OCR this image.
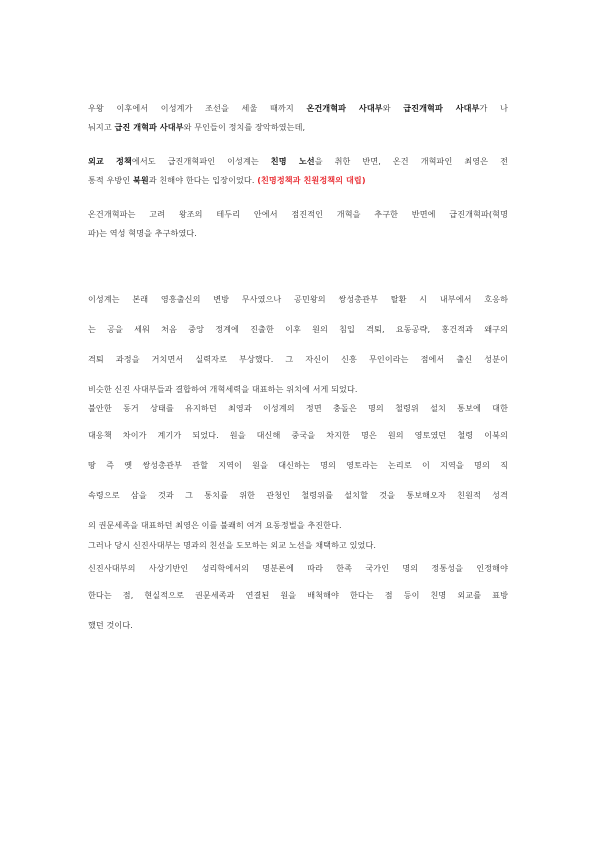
우왕 이후에서 이성계가 조선을 세울 때까지 온건개혁파 사대부와 급진개혁파 사대부가 나

눠지고 급진 개혁파 사대부와 무인들이 정치를 장악하였는데,

외교 정책에서도 급진개혁파인 이성계는 친명 노선을 취한 반면, 온건 개혁파인 최영은 전

통적 우방인 북원과 친해야 한다는 입장이었다. (친명정책과 친원정책의 대립)

온건개혁파는 고려 왕조의 테두리 안에서 점진적인 개혁을 추구한 반면에 급진개혁파(혁명

파)는 역성 혁명을 추구하였다.

이성계는 본래 영흥출신의 변방 무사였으나 공민왕의 쌍성총관부 탈환 시 내부에서 호응하

는 공을 세워 처음 중앙 정계에 진출한 이후 원의 침입 격퇴, 요동공략, 홍건적과 왜구의

격퇴 과정을 거치면서 실력자로 부상했다. 그 자신이 신흥 무인이라는 점에서 출신 성분이

비슷한 신진 사대부들과 결합하여 개혁세력을 대표하는 위치에 서게 되었다.

불안한 동거 상태를 유지하던 최영과 이성계의 정면 충돌은 명의 철령위 설치 통보에 대한

대응책 차이가 계기가 되었다. 원을 대신해 중국을 차지한 명은 원의 영토였던 철령 이북의

땅 즉 옛 쌍성총관부 관할 지역이 원을 대신하는 명의 영토라는 논리로 이 지역을 명의 직

속령으로 삼을 것과 그 통치를 위한 관청인 철령위를 설치할 것을 통보해오자 친원적 성격

의 권문세족을 대표하던 최영은 이를 불쾌히 여겨 요동정벌을 추진한다.

그러나 당시 신진사대부는 명과의 친선을 도모하는 외교 노선을 채택하고 있었다.

신진사대부의 사상기반인 성리학에서의 명분론에 따라 한족 국가인 명의 정통성을 인정해야

한다는 점, 현실적으로 권문세족과 연결된 원을 배척해야 한다는 점 등이 친명 외교를 표방

했던 것이다.
